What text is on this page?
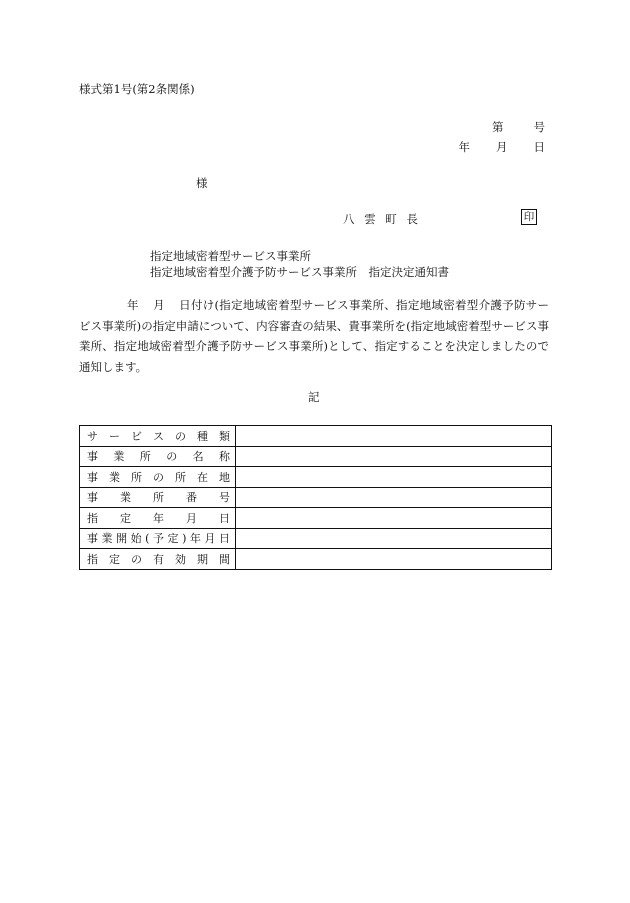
様式第1号(第2条関係)
第	号
年 月 日
様
八 雲 町 長	印
指定地域密着型サービス事業所
指定地域密着型介護予防サービス事業所　指定決定通知書
年 月 日付け(指定地域密着型サービス事業所、指定地域密着型介護予防サービス事業所)の指定申請について、内容審査の結果、貴事業所を(指定地域密着型サービス事業所、指定地域密着型介護予防サービス事業所)として、指定することを決定しましたので通知します。
記
サービスの種類	
事業所の名称	
事業所の所在地	
事業所番号	
指定年月日	
事業開始(予定)年月日	
指定の有効期間	
